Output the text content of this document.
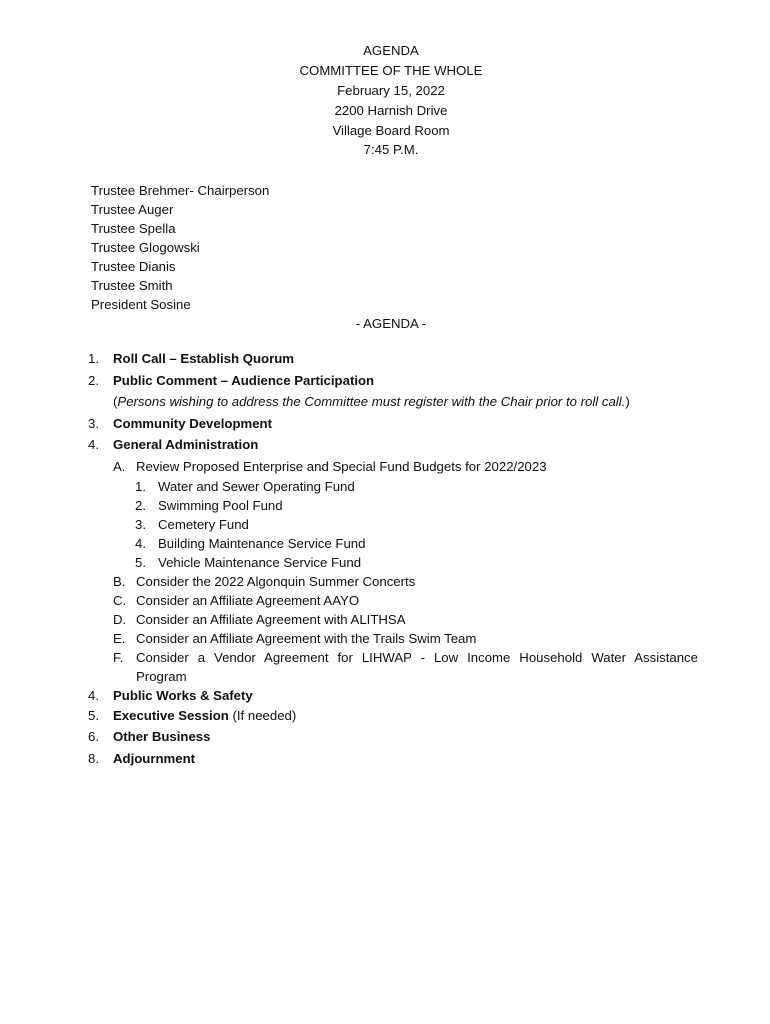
AGENDA
COMMITTEE OF THE WHOLE
February 15, 2022
2200 Harnish Drive
Village Board Room
7:45 P.M.
Trustee Brehmer- Chairperson
Trustee Auger
Trustee Spella
Trustee Glogowski
Trustee Dianis
Trustee Smith
President Sosine
- AGENDA -
1. Roll Call – Establish Quorum
2. Public Comment – Audience Participation
(Persons wishing to address the Committee must register with the Chair prior to roll call.)
3. Community Development
4. General Administration
A. Review Proposed Enterprise and Special Fund Budgets for 2022/2023
1. Water and Sewer Operating Fund
2. Swimming Pool Fund
3. Cemetery Fund
4. Building Maintenance Service Fund
5. Vehicle Maintenance Service Fund
B. Consider the 2022 Algonquin Summer Concerts
C. Consider an Affiliate Agreement AAYO
D. Consider an Affiliate Agreement with ALITHSA
E. Consider an Affiliate Agreement with the Trails Swim Team
F. Consider a Vendor Agreement for LIHWAP - Low Income Household Water Assistance
Program
4. Public Works & Safety
5. Executive Session (If needed)
6. Other Business
8. Adjournment
